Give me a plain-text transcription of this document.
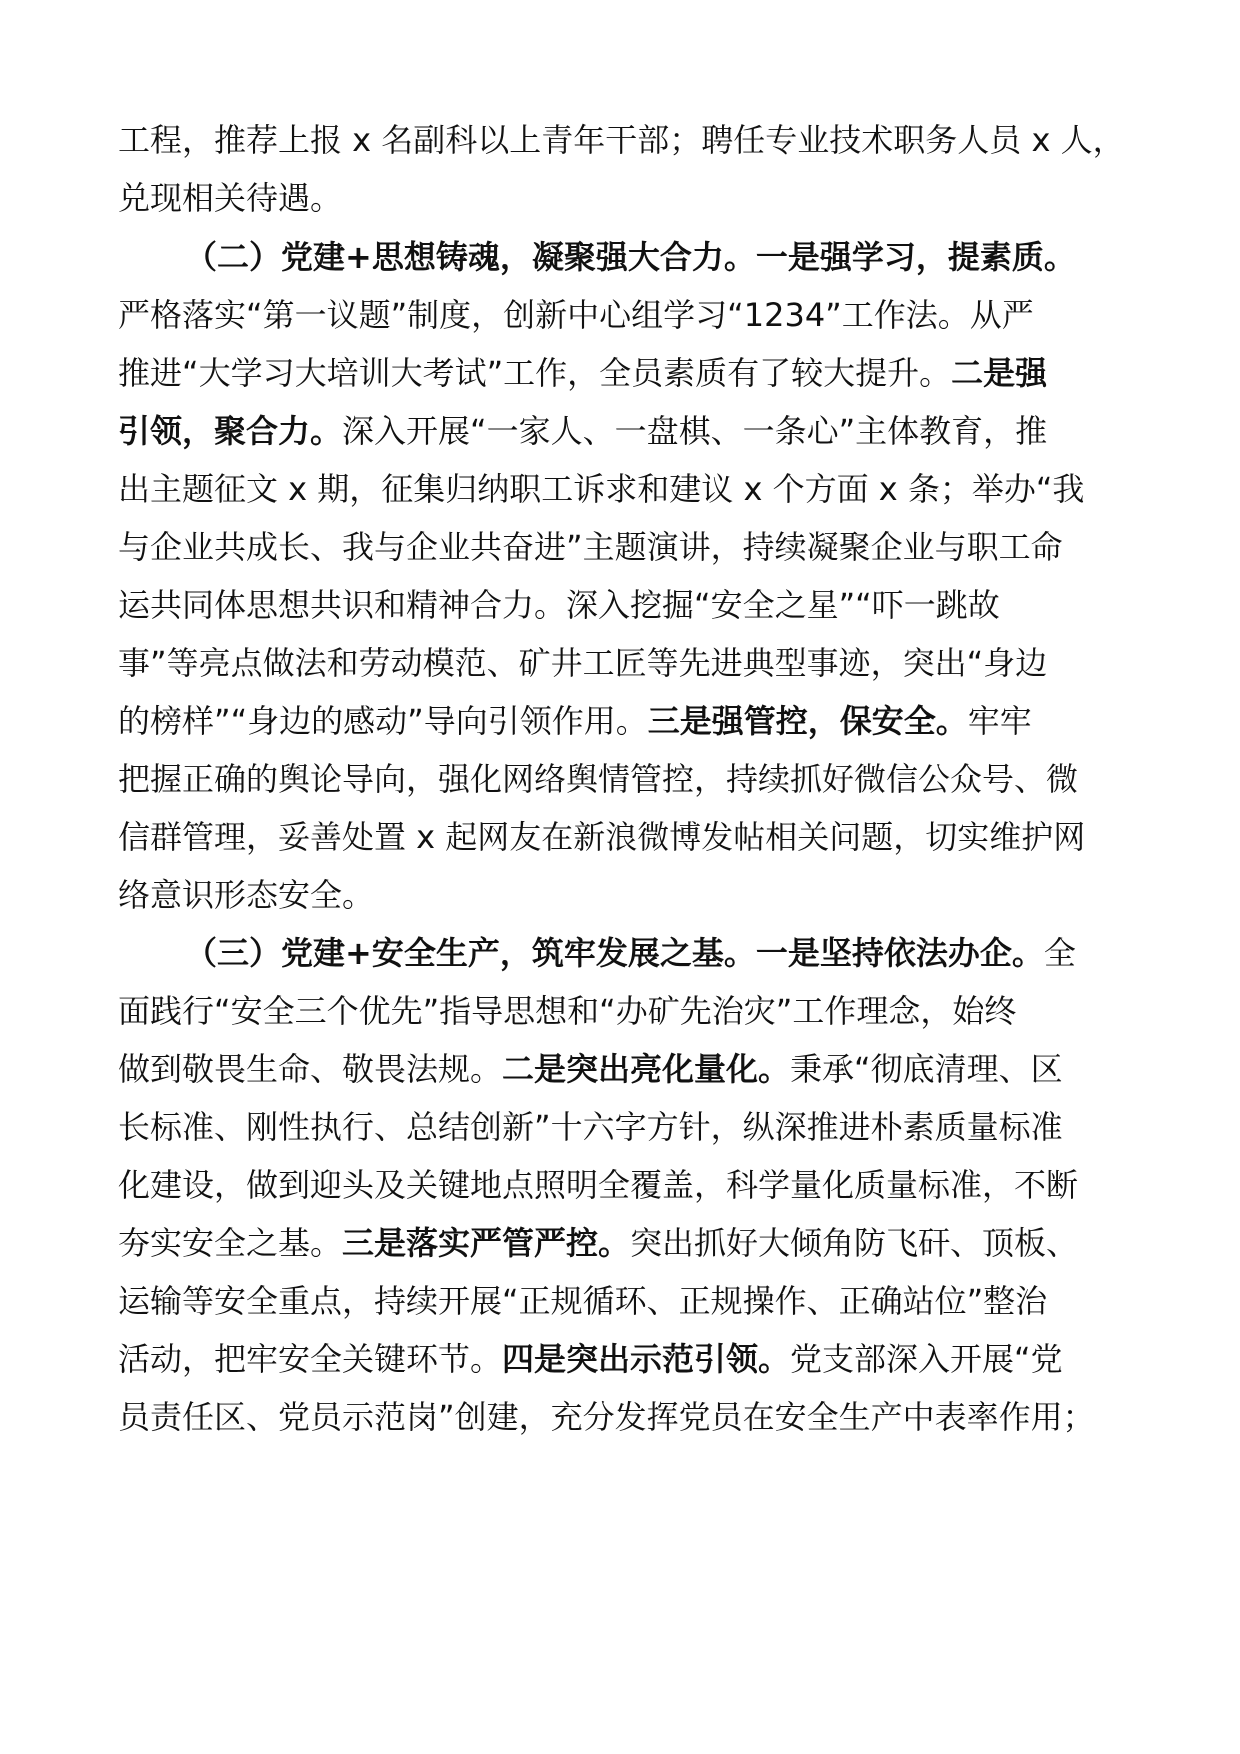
工程，推荐上报 x 名副科以上青年干部；聘任专业技术职务人员 x 人，
兑现相关待遇。
（二）党建+思想铸魂，凝聚强大合力。一是强学习，提素质。
严格落实“第一议题”制度，创新中心组学习“1234”工作法。从严
推进“大学习大培训大考试”工作，全员素质有了较大提升。二是强
引领，聚合力。深入开展“一家人、一盘棋、一条心”主体教育，推
出主题征文 x 期，征集归纳职工诉求和建议 x 个方面 x 条；举办“我
与企业共成长、我与企业共奋进”主题演讲，持续凝聚企业与职工命
运共同体思想共识和精神合力。深入挖掘“安全之星”“吓一跳故
事”等亮点做法和劳动模范、矿井工匠等先进典型事迹，突出“身边
的榜样”“身边的感动”导向引领作用。三是强管控，保安全。牢牢
把握正确的舆论导向，强化网络舆情管控，持续抓好微信公众号、微
信群管理，妥善处置 x 起网友在新浪微博发帖相关问题，切实维护网
络意识形态安全。
（三）党建+安全生产，筑牢发展之基。一是坚持依法办企。全
面践行“安全三个优先”指导思想和“办矿先治灾”工作理念，始终
做到敬畏生命、敬畏法规。二是突出亮化量化。秉承“彻底清理、区
长标准、刚性执行、总结创新”十六字方针，纵深推进朴素质量标准
化建设，做到迎头及关键地点照明全覆盖，科学量化质量标准，不断
夯实安全之基。三是落实严管严控。突出抓好大倾角防飞矸、顶板、
运输等安全重点，持续开展“正规循环、正规操作、正确站位”整治
活动，把牢安全关键环节。四是突出示范引领。党支部深入开展“党
员责任区、党员示范岗”创建，充分发挥党员在安全生产中表率作用；
